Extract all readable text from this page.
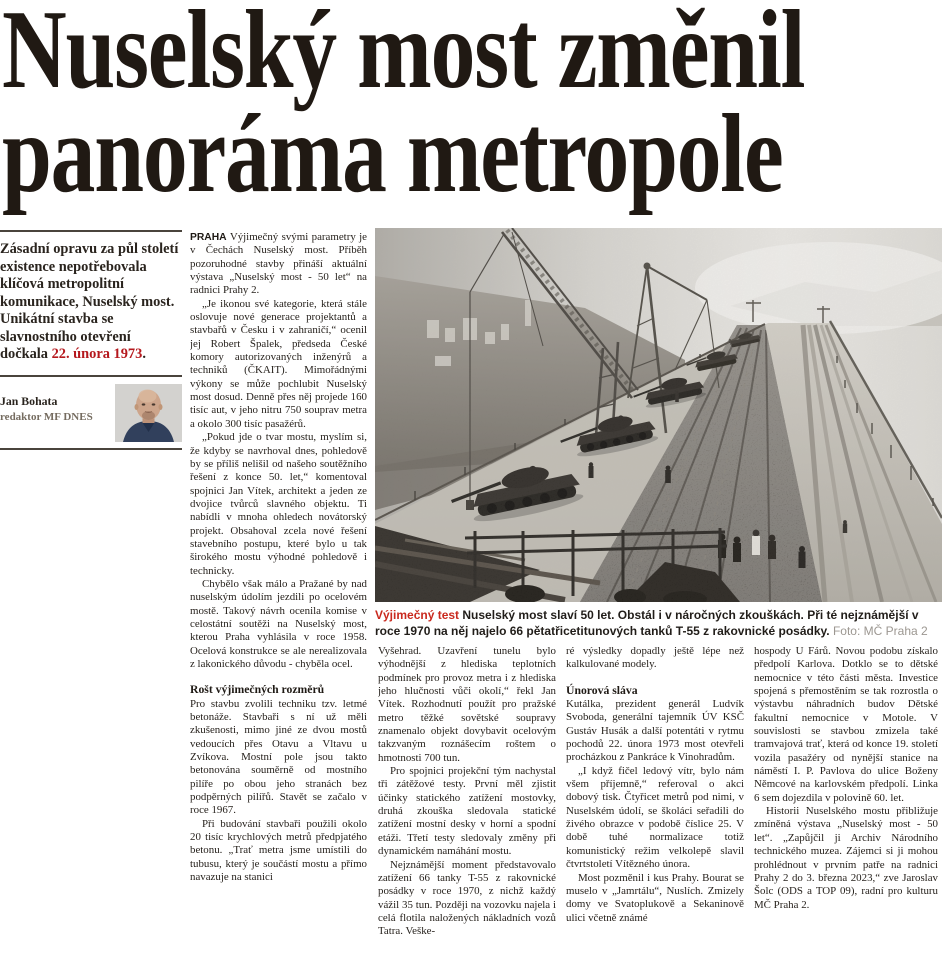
Nuselský most změnil
panoráma metropole

Zásadní opravu za půl století existence nepotřebovala klíčová metropolitní komunikace, Nuselský most. Unikátní stavba se slavnostního otevření dočkala 22. února 1973.

Jan Bohata
redaktor MF DNES

PRAHA Výjimečný svými parametry je v Čechách Nuselský most. Příběh pozoruhodné stavby přináší aktuální výstava „Nuselský most - 50 let“ na radnici Prahy 2.

„Je ikonou své kategorie, která stále oslovuje nové generace projektantů a stavbařů v Česku i v zahraničí,“ ocenil jej Robert Špalek, předseda České komory autorizovaných inženýrů a techniků (ČKAIT). Mimořádnými výkony se může pochlubit Nuselský most dosud. Denně přes něj projede 160 tisíc aut, v jeho nitru 750 souprav metra a okolo 300 tisíc pasažérů.

„Pokud jde o tvar mostu, myslím si, že kdyby se navrhoval dnes, pohledově by se příliš nelišil od našeho soutěžního řešení z konce 50. let,“ komentoval spojnici Jan Vítek, architekt a jeden ze dvojice tvůrců slavného objektu. Ti nabídli v mnoha ohledech novátorský projekt. Obsahoval zcela nové řešení stavebního postupu, které bylo u tak širokého mostu výhodné pohledově i technicky.

Chybělo však málo a Pražané by nad nuselským údolím jezdili po ocelovém mostě. Takový návrh ocenila komise v celostátní soutěži na Nuselský most, kterou Praha vyhlásila v roce 1958. Ocelová konstrukce se ale nerealizovala z lakonického důvodu - chyběla ocel.

Rošt výjimečných rozměrů

Pro stavbu zvolili techniku tzv. letmé betonáže. Stavbaři s ní už měli zkušenosti, mimo jiné ze dvou mostů vedoucích přes Otavu a Vltavu u Zvíkova. Mostní pole jsou takto betonována souměrně od mostního pilíře po obou jeho stranách bez podpěrných pilířů. Stavět se začalo v roce 1967.

Při budování stavbaři použili okolo 20 tisíc krychlových metrů předpjatého betonu. „Trať metra jsme umístili do tubusu, který je součástí mostu a přímo navazuje na stanici

Výjimečný test Nuselský most slaví 50 let. Obstál i v náročných zkouškách. Při té nejznámější v roce 1970 na něj najelo 66 pětatřicetitunových tanků T-55 z rakovnické posádky. Foto: MČ Praha 2

Vyšehrad. Uzavření tunelu bylo výhodnější z hlediska teplotních podmínek pro provoz metra i z hlediska jeho hlučnosti vůči okolí,“ řekl Jan Vítek. Rozhodnutí použít pro pražské metro těžké sovětské soupravy znamenalo objekt dovybavit ocelovým takzvaným roznášecím roštem o hmotnosti 700 tun.

Pro spojnici projekční tým nachystal tři zátěžové testy. První měl zjistit účinky statického zatížení mostovky, druhá zkouška sledovala statické zatížení mostní desky v horní a spodní etáži. Třetí testy sledovaly změny při dynamickém namáhání mostu.

Nejznámější moment představovalo zatížení 66 tanky T-55 z rakovnické posádky v roce 1970, z nichž každý vážil 35 tun. Později na vozovku najela i celá flotila naložených nákladních vozů Tatra. Veške-

ré výsledky dopadly ještě lépe než kalkulované modely.

Únorová sláva

Kutálka, prezident generál Ludvík Svoboda, generální tajemník ÚV KSČ Gustáv Husák a další potentáti v rytmu pochodů 22. února 1973 most otevřeli procházkou z Pankráce k Vinohradům.

„I když fičel ledový vítr, bylo nám všem příjemně,“ referoval o akci dobový tisk. Čtyřicet metrů pod nimi, v Nuselském údolí, se školáci seřadili do živého obrazce v podobě číslice 25. V době tuhé normalizace totiž komunistický režim velkolepě slavil čtvrtstoletí Vítězného února.

Most pozměnil i kus Prahy. Bourat se muselo v „Jamrtálu“, Nuslích. Zmizely domy ve Svatoplukově a Sekaninově ulici včetně známé

hospody U Fárů. Novou podobu získalo předpolí Karlova. Dotklo se to dětské nemocnice v této části města. Investice spojená s přemostěním se tak rozrostla o výstavbu náhradních budov Dětské fakultní nemocnice v Motole. V souvislosti se stavbou zmizela také tramvajová trať, která od konce 19. století vozila pasažéry od nynější stanice na náměstí I. P. Pavlova do ulice Boženy Němcové na karlovském předpolí. Linka 6 sem dojezdila v polovině 60. let.

Historii Nuselského mostu přibližuje zmíněná výstava „Nuselský most - 50 let“. „Zapůjčil ji Archiv Národního technického muzea. Zájemci si ji mohou prohlédnout v prvním patře na radnici Prahy 2 do 3. března 2023,“ zve Jaroslav Šolc (ODS a TOP 09), radní pro kulturu MČ Praha 2.
